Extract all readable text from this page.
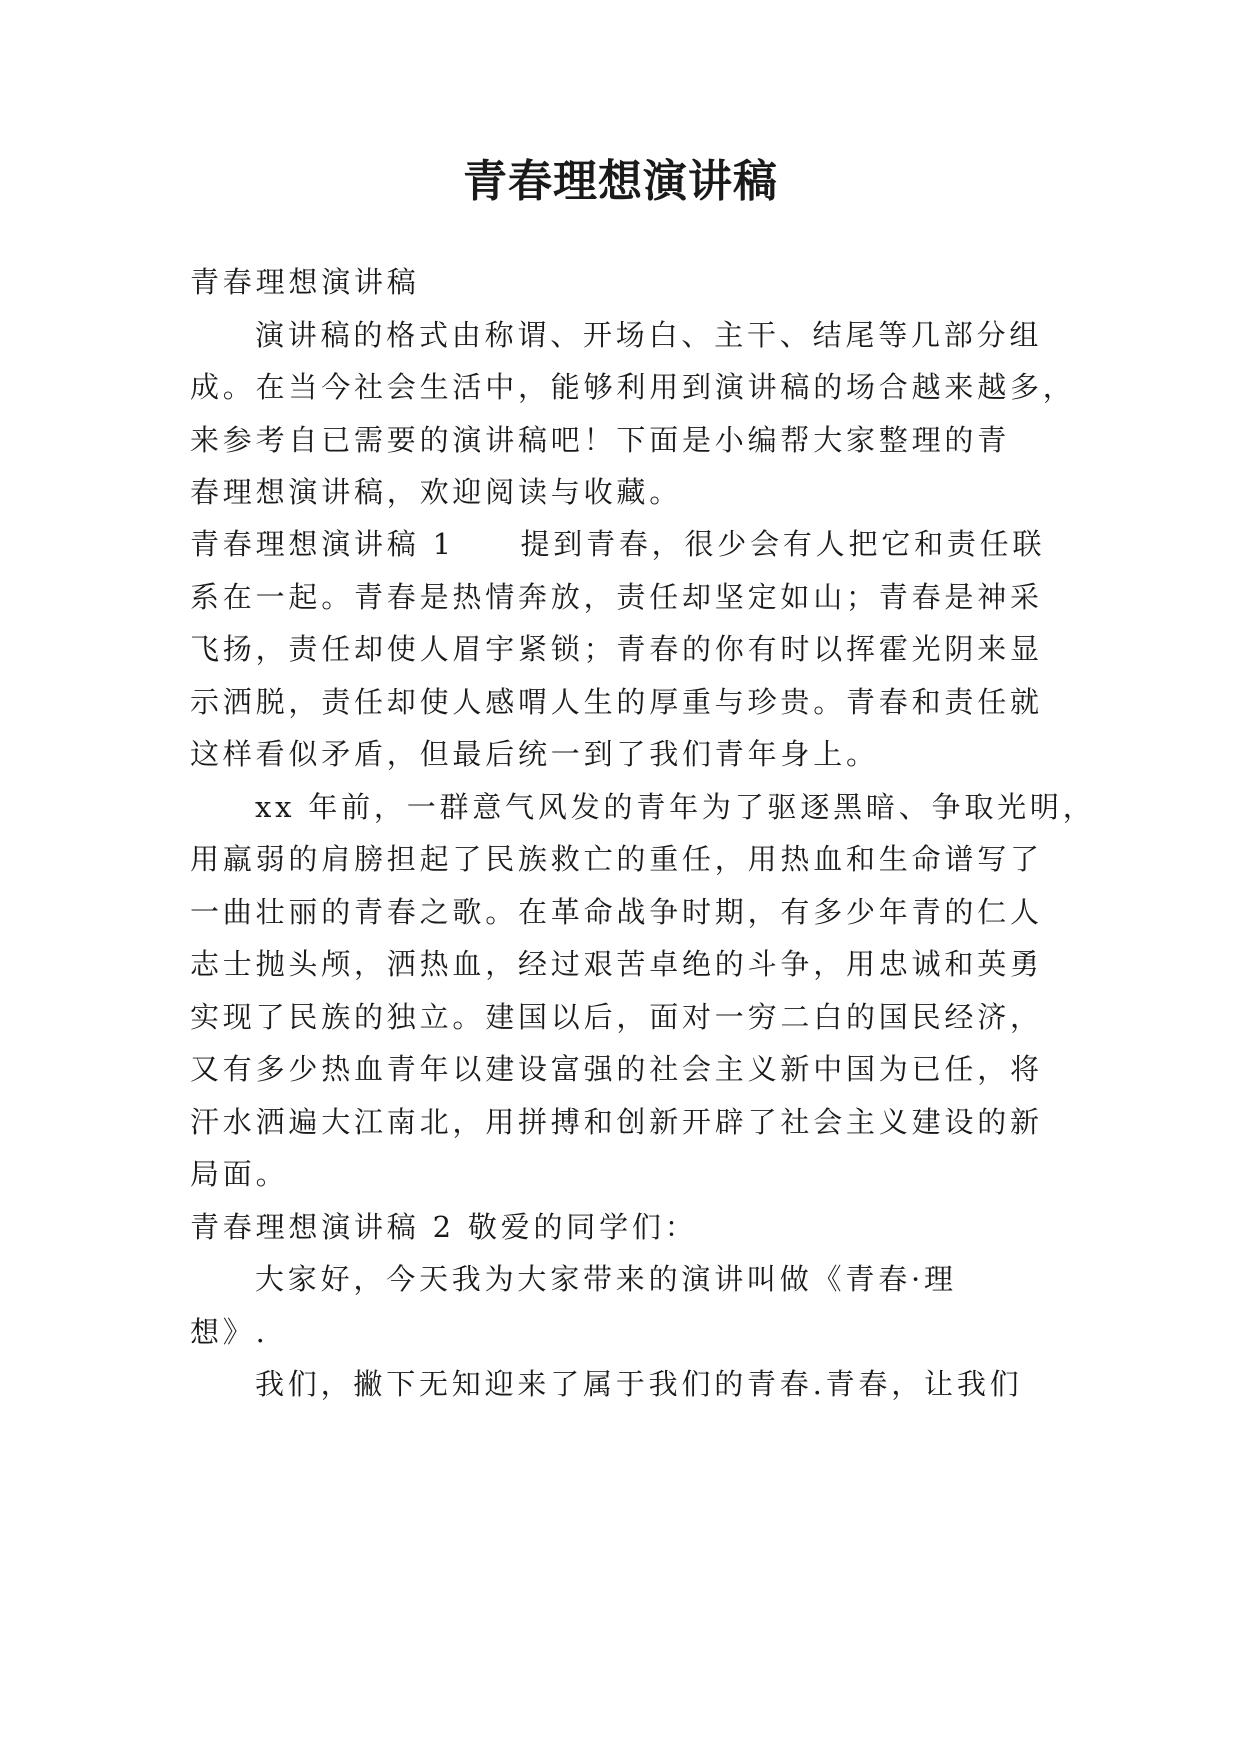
青春理想演讲稿

青春理想演讲稿

演讲稿的格式由称谓、开场白、主干、结尾等几部分组

成。在当今社会生活中，能够利用到演讲稿的场合越来越多，

来参考自已需要的演讲稿吧！下面是小编帮大家整理的青

春理想演讲稿，欢迎阅读与收藏。

青春理想演讲稿 1　　提到青春，很少会有人把它和责任联

系在一起。青春是热情奔放，责任却坚定如山；青春是神采

飞扬，责任却使人眉宇紧锁；青春的你有时以挥霍光阴来显

示洒脱，责任却使人感喟人生的厚重与珍贵。青春和责任就

这样看似矛盾，但最后统一到了我们青年身上。

xx 年前，一群意气风发的青年为了驱逐黑暗、争取光明，

用羸弱的肩膀担起了民族救亡的重任，用热血和生命谱写了

一曲壮丽的青春之歌。在革命战争时期，有多少年青的仁人

志士抛头颅，洒热血，经过艰苦卓绝的斗争，用忠诚和英勇

实现了民族的独立。建国以后，面对一穷二白的国民经济，

又有多少热血青年以建设富强的社会主义新中国为已任，将

汗水洒遍大江南北，用拼搏和创新开辟了社会主义建设的新

局面。

青春理想演讲稿 2 敬爱的同学们：

大家好，今天我为大家带来的演讲叫做《青春·理

想》.

我们，撇下无知迎来了属于我们的青春.青春，让我们
